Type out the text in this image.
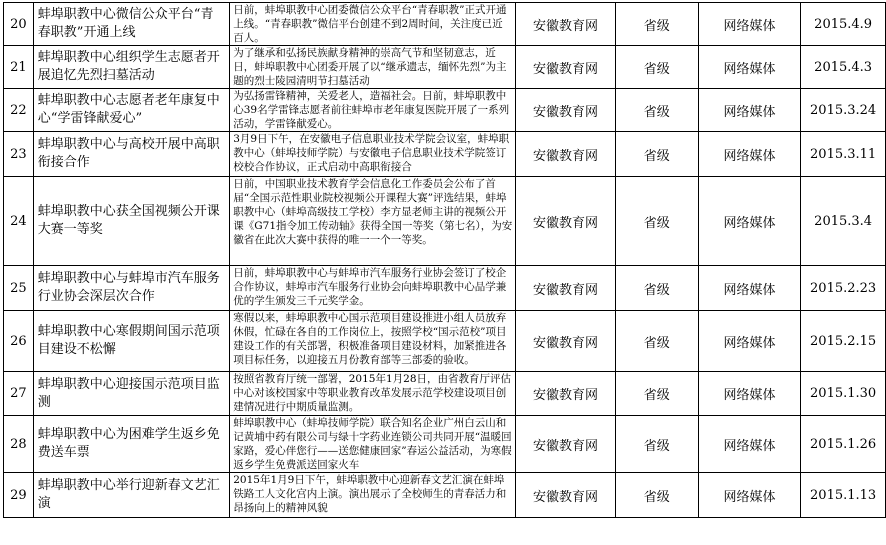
20	蚌埠职教中心微信公众平台“青春职教”开通上线	日前，蚌埠职教中心团委微信公众平台“青春职教”正式开通上线。“青春职教”微信平台创建不到2周时间，关注度已近百人。	安徽教育网	省级	网络媒体	2015.4.9
21	蚌埠职教中心组织学生志愿者开展追忆先烈扫墓活动	为了继承和弘扬民族献身精神的崇高气节和坚韧意志，近日，蚌埠职教中心团委开展了以“继承遗志，缅怀先烈”为主题的烈士陵园清明节扫墓活动	安徽教育网	省级	网络媒体	2015.4.3
22	蚌埠职教中心志愿者老年康复中心“学雷锋献爱心”	为弘扬雷锋精神，关爱老人，造福社会。日前，蚌埠职教中心39名学雷锋志愿者前往蚌埠市老年康复医院开展了一系列活动，学雷锋献爱心。	安徽教育网	省级	网络媒体	2015.3.24
23	蚌埠职教中心与高校开展中高职衔接合作	3月9日下午，在安徽电子信息职业技术学院会议室，蚌埠职教中心（蚌埠技师学院）与安徽电子信息职业技术学院签订校校合作协议，正式启动中高职衔接合	安徽教育网	省级	网络媒体	2015.3.11
24	蚌埠职教中心获全国视频公开课大赛一等奖	日前，中国职业技术教育学会信息化工作委员会公布了首届“全国示范性职业院校视频公开课程大赛”评选结果，蚌埠职教中心（蚌埠高级技工学校）李方显老师主讲的视频公开课《G71指令加工传动轴》获得全国一等奖（第七名），为安徽省在此次大赛中获得的唯一一个一等奖。	安徽教育网	省级	网络媒体	2015.3.4
25	蚌埠职教中心与蚌埠市汽车服务行业协会深层次合作	日前，蚌埠职教中心与蚌埠市汽车服务行业协会签订了校企合作协议，蚌埠市汽车服务行业协会向蚌埠职教中心品学兼优的学生颁发三千元奖学金。	安徽教育网	省级	网络媒体	2015.2.23
26	蚌埠职教中心寒假期间国示范项目建设不松懈	寒假以来，蚌埠职教中心国示范项目建设推进小组人员放弃休假，忙碌在各自的工作岗位上，按照学校“国示范校”项目建设工作的有关部署，积极准备项目建设材料，加紧推进各项目标任务，以迎接五月份教育部等三部委的验收。	安徽教育网	省级	网络媒体	2015.2.15
27	蚌埠职教中心迎接国示范项目监测	按照省教育厅统一部署，2015年1月28日，由省教育厅评估中心对该校国家中等职业教育改革发展示范学校建设项目创建情况进行中期质量监测。	安徽教育网	省级	网络媒体	2015.1.30
28	蚌埠职教中心为困难学生返乡免费送车票	蚌埠职教中心（蚌埠技师学院）联合知名企业广州白云山和记黄埔中药有限公司与绿十字药业连锁公司共同开展“温暖回家路，爱心伴您行——送您健康回家”春运公益活动，为寒假返乡学生免费派送回家火车	安徽教育网	省级	网络媒体	2015.1.26
29	蚌埠职教中心举行迎新春文艺汇演	2015年1月9日下午，蚌埠职教中心迎新春文艺汇演在蚌埠铁路工人文化宫内上演。演出展示了全校师生的青春活力和昂扬向上的精神风貌	安徽教育网	省级	网络媒体	2015.1.13
